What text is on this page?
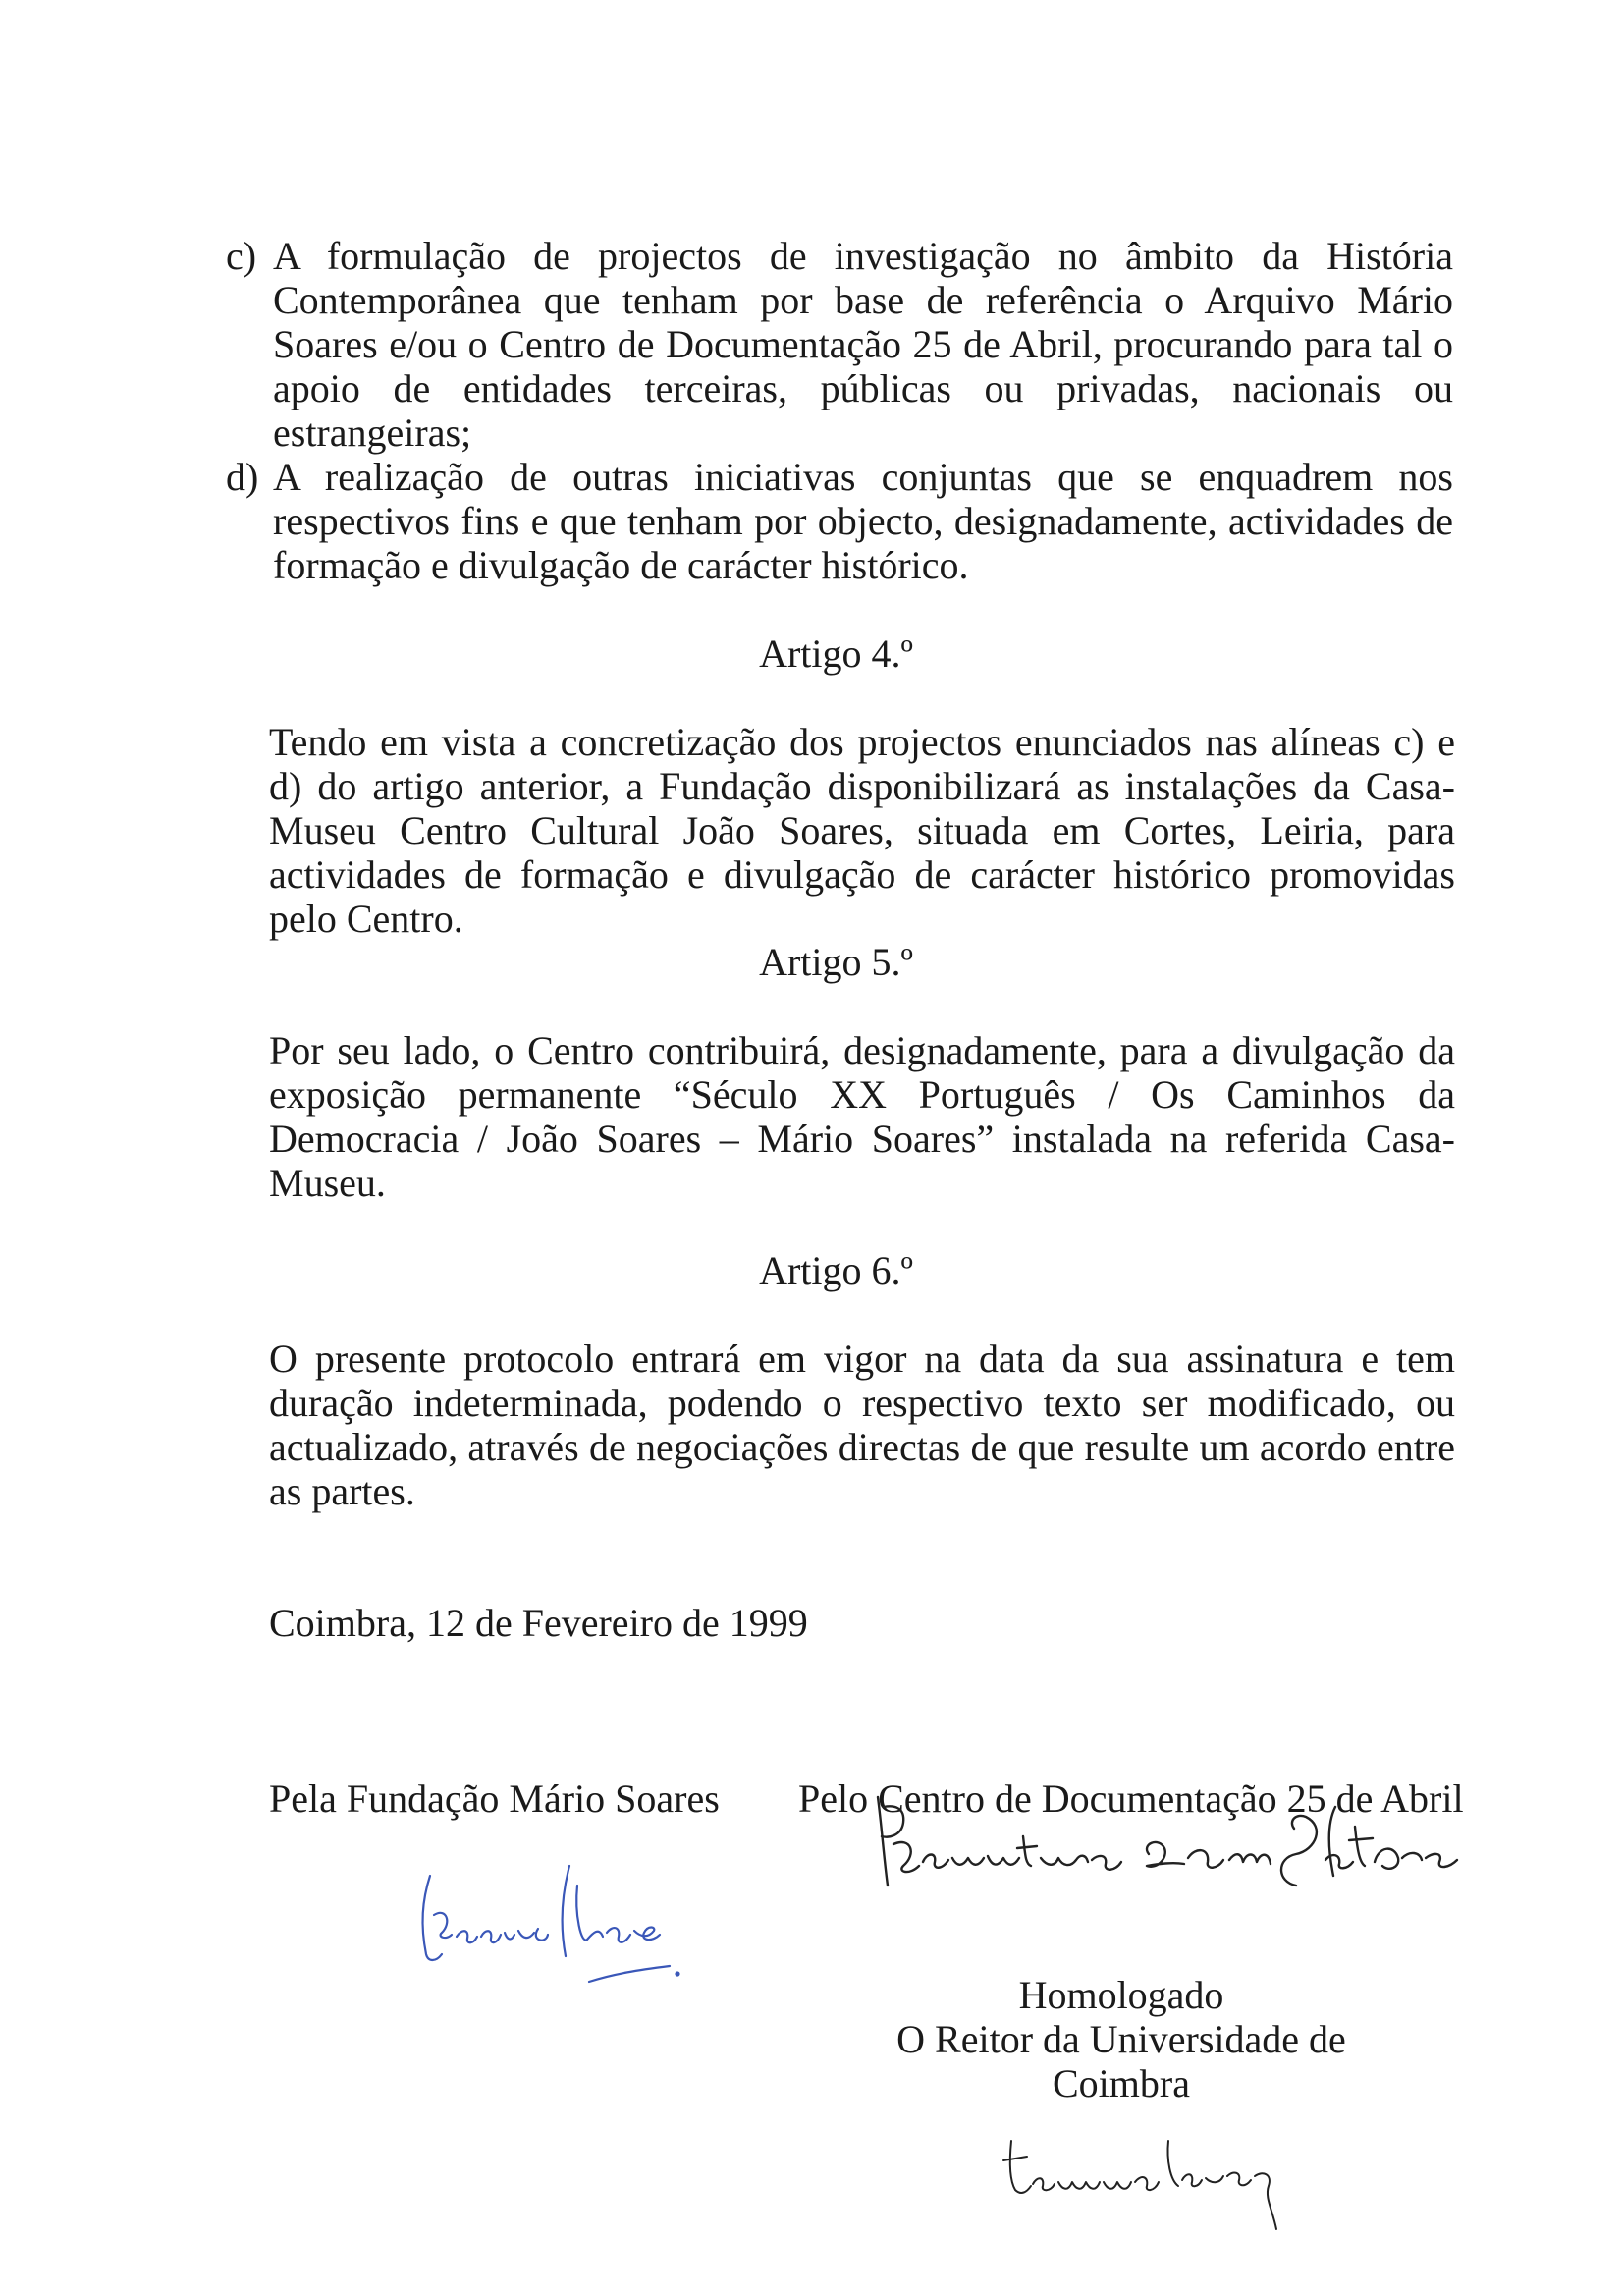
c) A formulação de projectos de investigação no âmbito da História Contemporânea que tenham por base de referência o Arquivo Mário Soares e/ou o Centro de Documentação 25 de Abril, procurando para tal o apoio de entidades terceiras, públicas ou privadas, nacionais ou estrangeiras;
d) A realização de outras iniciativas conjuntas que se enquadrem nos respectivos fins e que tenham por objecto, designadamente, actividades de formação e divulgação de carácter histórico.
Artigo 4.º
Tendo em vista a concretização dos projectos enunciados nas alíneas c) e d) do artigo anterior, a Fundação disponibilizará as instalações da Casa-Museu Centro Cultural João Soares, situada em Cortes, Leiria, para actividades de formação e divulgação de carácter histórico promovidas pelo Centro.
Artigo 5.º
Por seu lado, o Centro contribuirá, designadamente, para a divulgação da exposição permanente “Século XX Português / Os Caminhos da Democracia / João Soares – Mário Soares” instalada na referida Casa-Museu.
Artigo 6.º
O presente protocolo entrará em vigor na data da sua assinatura e tem duração indeterminada, podendo o respectivo texto ser modificado, ou actualizado, através de negociações directas de que resulte um acordo entre as partes.
Coimbra, 12 de Fevereiro de 1999
Pela Fundação Mário Soares Pelo Centro de Documentação 25 de Abril
Homologado
O Reitor da Universidade de Coimbra
